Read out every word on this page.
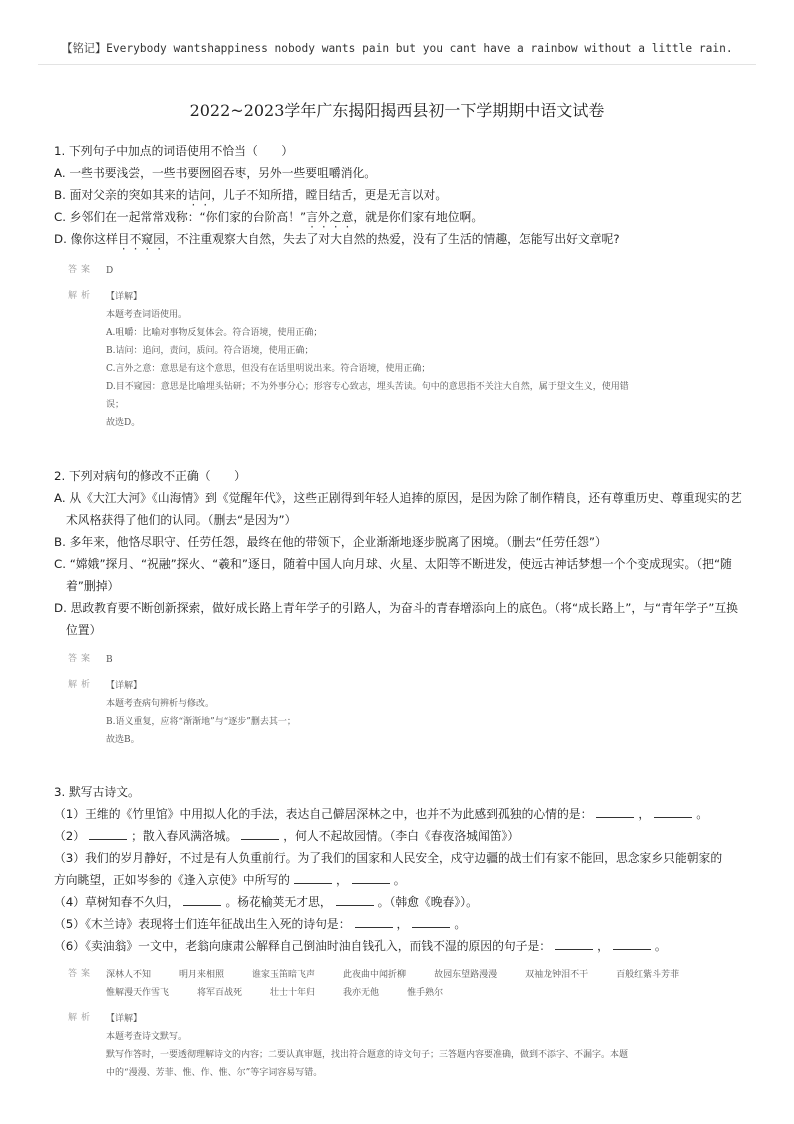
【铭记】Everybody wantshappiness nobody wants pain but you cant have a rainbow without a little rain.
2022~2023学年广东揭阳揭西县初一下学期期中语文试卷

1. 下列句子中加点的词语使用不恰当（　　）

A. 一些书要浅尝，一些书要囫囵吞枣，另外一些要咀嚼消化。

B. 面对父亲的突如其来的诘问，儿子不知所措，瞠目结舌，更是无言以对。

C. 乡邻们在一起常常戏称：“你们家的台阶高！”言外之意，就是你们家有地位啊。

D. 像你这样目不窥园，不注重观察大自然，失去了对大自然的热爱，没有了生活的情趣，怎能写出好文章呢?

答案	D
解析	【详解】
本题考查词语使用。
A.咀嚼：比喻对事物反复体会。符合语境，使用正确；
B.诘问：追问，责问，质问。符合语境，使用正确；
C.言外之意：意思是有这个意思，但没有在话里明说出来。符合语境，使用正确；
D.目不窥园：意思是比喻埋头钻研；不为外事分心；形容专心致志，埋头苦读。句中的意思指不关注大自然，属于望文生义，使用错
误；
故选D。

2. 下列对病句的修改不正确（　　）

A. 从《大江大河》《山海情》到《觉醒年代》，这些正剧得到年轻人追捧的原因，是因为除了制作精良，还有尊重历史、尊重现实的艺术风格获得了他们的认同。（删去“是因为”）

B. 多年来，他恪尽职守、任劳任怨，最终在他的带领下，企业渐渐地逐步脱离了困境。（删去“任劳任怨”）

C. “嫦娥”探月、“祝融”探火、“羲和”逐日，随着中国人向月球、火星、太阳等不断进发，使远古神话梦想一个个变成现实。（把“随着”删掉）

D. 思政教育要不断创新探索，做好成长路上青年学子的引路人，为奋斗的青春增添向上的底色。（将“成长路上”，与“青年学子”互换位置）

答案	B
解析	【详解】
本题考查病句辨析与修改。
B.语义重复，应将“渐渐地”与“逐步”删去其一；
故选B。

3. 默写古诗文。

（1）王维的《竹里馆》中用拟人化的手法，表达自己僻居深林之中，也并不为此感到孤独的心情的是：	，	。

（2）	；散入春风满洛城。	，何人不起故园情。（李白《春夜洛城闻笛》）

（3）我们的岁月静好，不过是有人负重前行。为了我们的国家和人民安全，戍守边疆的战士们有家不能回，思念家乡只能朝家的

方向眺望，正如岑参的《逢入京使》中所写的	，	。

（4）草树知春不久归，	。杨花榆荚无才思，	。（韩愈《晚春》）。

（5）《木兰诗》表现将士们连年征战出生入死的诗句是：	，	。

（6）《卖油翁》一文中，老翁向康肃公解释自己倒油时油自钱孔入，而钱不湿的原因的句子是：	，	。

答案	深林人不知	明月来相照	谁家玉笛暗飞声	此夜曲中闻折柳	故园东望路漫漫	双袖龙钟泪不干	百般红紫斗芳菲
惟解漫天作雪飞	将军百战死	壮士十年归	我亦无他	惟手熟尔
解析	【详解】
本题考查诗文默写。
默写作答时，一要透彻理解诗文的内容；二要认真审题，找出符合题意的诗文句子；三答题内容要准确，做到不添字、不漏字。本题
中的“漫漫、芳菲、惟、作、惟、尔”等字词容易写错。
